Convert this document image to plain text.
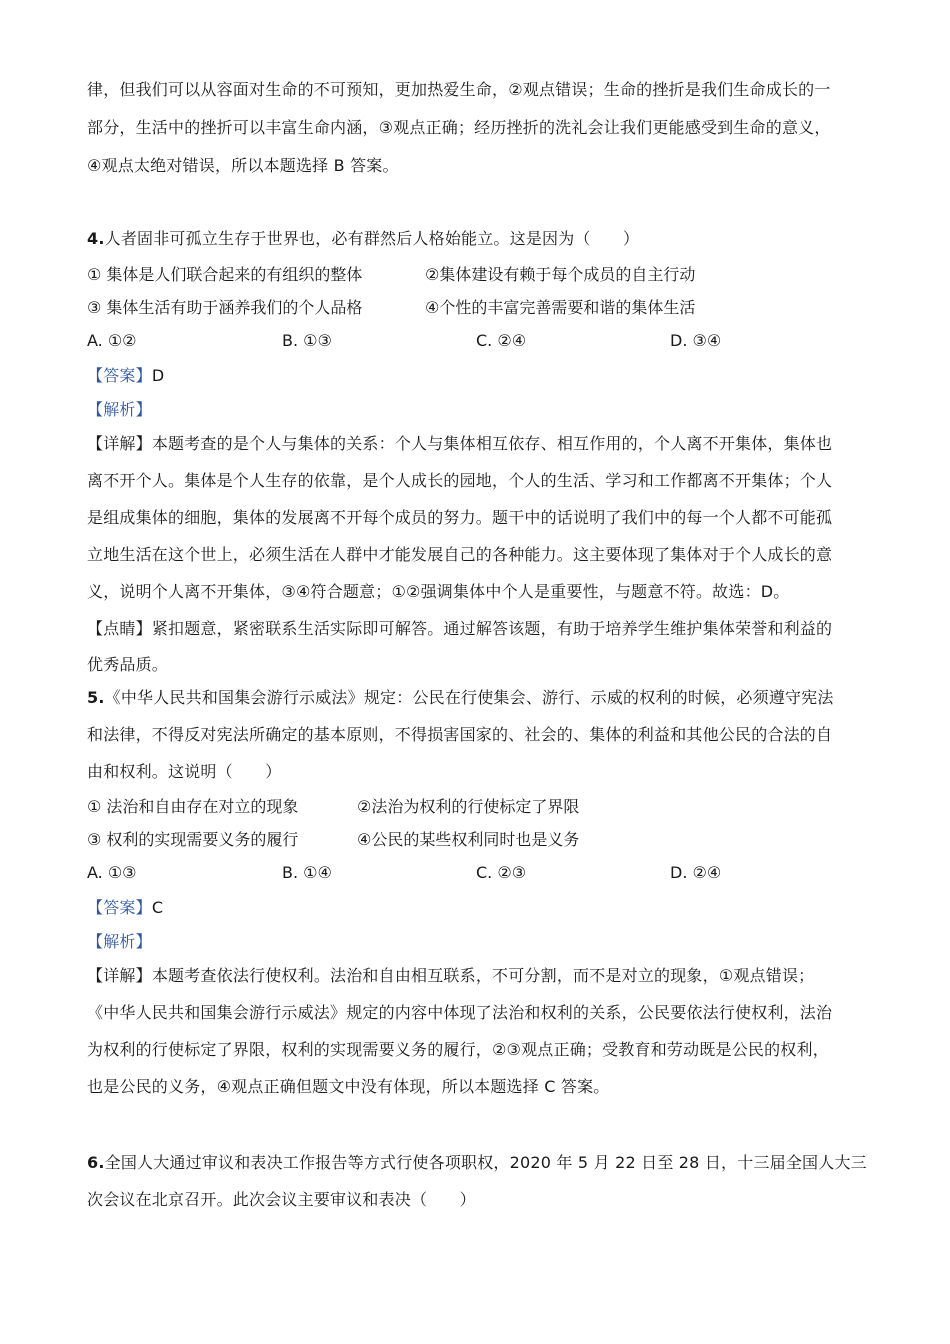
律，但我们可以从容面对生命的不可预知，更加热爱生命，②观点错误；生命的挫折是我们生命成长的一
部分，生活中的挫折可以丰富生命内涵，③观点正确；经历挫折的洗礼会让我们更能感受到生命的意义，
④观点太绝对错误，所以本题选择 B 答案。
4.人者固非可孤立生存于世界也，必有群然后人格始能立。这是因为（　　）
① 集体是人们联合起来的有组织的整体	②集体建设有赖于每个成员的自主行动
③ 集体生活有助于涵养我们的个人品格	④个性的丰富完善需要和谐的集体生活
A. ①②	B. ①③	C. ②④	D. ③④
【答案】D
【解析】
【详解】本题考查的是个人与集体的关系：个人与集体相互依存、相互作用的，个人离不开集体，集体也
离不开个人。集体是个人生存的依靠，是个人成长的园地，个人的生活、学习和工作都离不开集体；个人
是组成集体的细胞，集体的发展离不开每个成员的努力。题干中的话说明了我们中的每一个人都不可能孤
立地生活在这个世上，必须生活在人群中才能发展自己的各种能力。这主要体现了集体对于个人成长的意
义，说明个人离不开集体，③④符合题意；①②强调集体中个人是重要性，与题意不符。故选：D。
【点睛】紧扣题意，紧密联系生活实际即可解答。通过解答该题，有助于培养学生维护集体荣誉和利益的
优秀品质。
5.《中华人民共和国集会游行示威法》规定：公民在行使集会、游行、示威的权利的时候，必须遵守宪法
和法律，不得反对宪法所确定的基本原则，不得损害国家的、社会的、集体的利益和其他公民的合法的自
由和权利。这说明（　　）
① 法治和自由存在对立的现象	②法治为权利的行使标定了界限
③ 权利的实现需要义务的履行	④公民的某些权利同时也是义务
A. ①③	B. ①④	C. ②③	D. ②④
【答案】C
【解析】
【详解】本题考查依法行使权利。法治和自由相互联系，不可分割，而不是对立的现象，①观点错误；
《中华人民共和国集会游行示威法》规定的内容中体现了法治和权利的关系，公民要依法行使权利，法治
为权利的行使标定了界限，权利的实现需要义务的履行，②③观点正确；受教育和劳动既是公民的权利，
也是公民的义务，④观点正确但题文中没有体现，所以本题选择 C 答案。
6.全国人大通过审议和表决工作报告等方式行使各项职权，2020 年 5 月 22 日至 28 日，十三届全国人大三
次会议在北京召开。此次会议主要审议和表决（　　）
